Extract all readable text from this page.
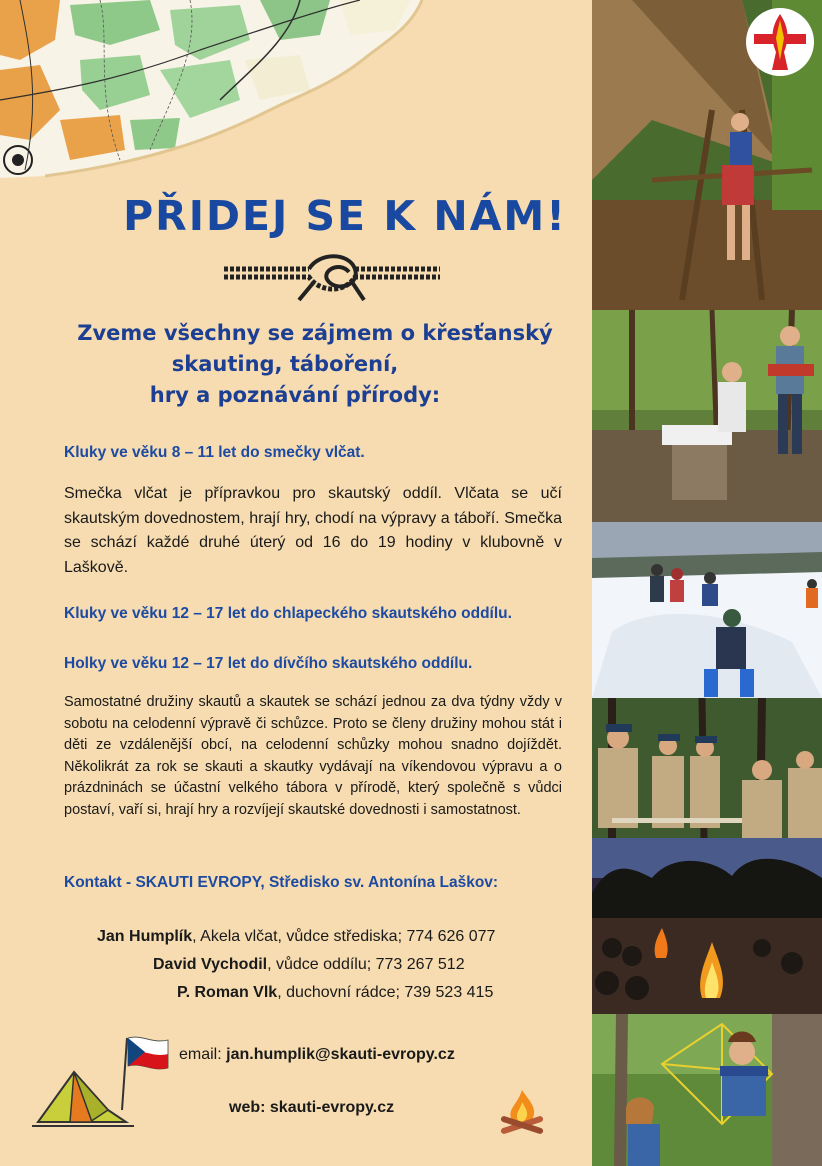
PŘIDEJ SE K NÁM!
Zveme všechny se zájmem o křesťanský
skauting, táboření,
hry a poznávání přírody:
Kluky ve věku 8 – 11 let do smečky vlčat.
Smečka vlčat je přípravkou pro skautský oddíl. Vlčata se učí skautským dovednostem, hrají hry, chodí na výpravy a táboří. Smečka se schází každé druhé úterý od 16 do 19 hodiny v klubovně v Laškově.
Kluky ve věku 12 – 17 let do chlapeckého skautského oddílu.
Holky ve věku 12 – 17 let do dívčího skautského oddílu.
Samostatné družiny skautů a skautek se schází jednou za dva týdny vždy v sobotu na celodenní výpravě či schůzce. Proto se členy družiny mohou stát i děti ze vzdálenější obcí, na celodenní schůzky mohou snadno dojíždět. Několikrát za rok se skauti a skautky vydávají na víkendovou výpravu a o prázdninách se účastní velkého tábora v přírodě, který společně s vůdci postaví, vaří si, hrají hry a rozvíjejí skautské dovednosti i samostatnost.
Kontakt - SKAUTI EVROPY, Středisko sv. Antonína Laškov:
Jan Humplík, Akela vlčat, vůdce střediska; 774 626 077
David Vychodil, vůdce oddílu; 773 267 512
P. Roman Vlk, duchovní rádce; 739 523 415
email: jan.humplik@skauti-evropy.cz
web: skauti-evropy.cz
